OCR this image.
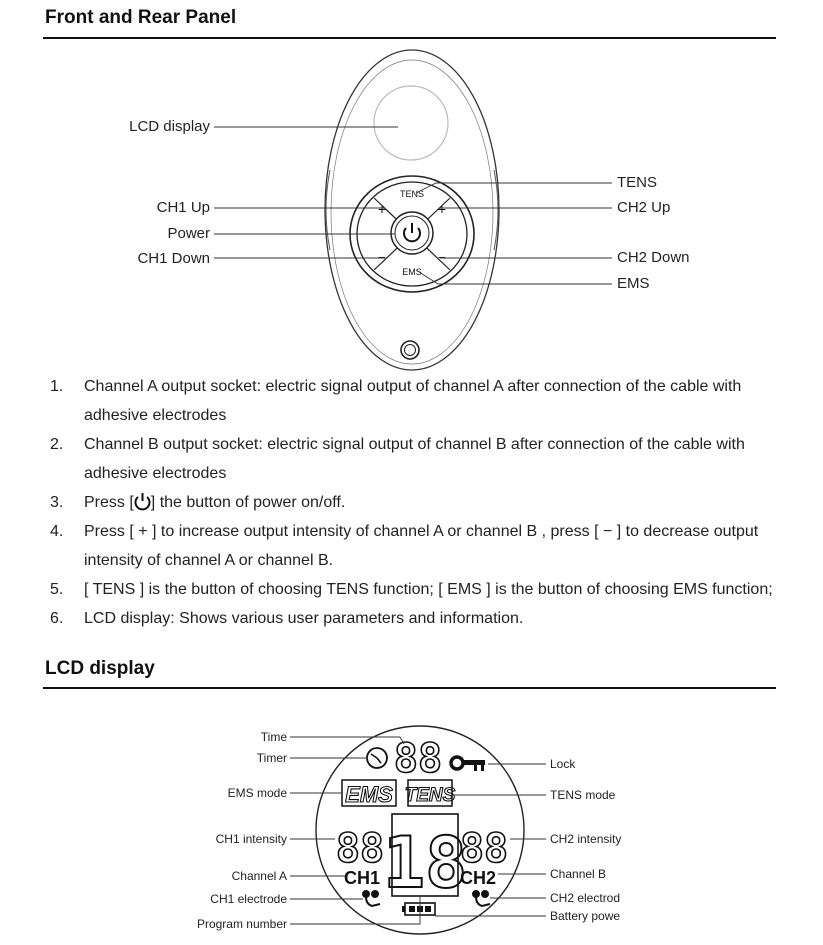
Front and Rear Panel
TENS
EMS
+	+
−	−
LCD display
CH1 Up
Power
CH1 Down
TENS
CH2 Up
CH2 Down
EMS
1. Channel A output socket: electric signal output of channel A after connection of the cable with adhesive electrodes
2. Channel B output socket: electric signal output of channel B after connection of the cable with adhesive electrodes
3. Press [ ] the button of power on/off.
4. Press [ + ] to increase output intensity of channel A or channel B , press [ − ] to decrease output intensity of channel A or channel B.
5. [ TENS ] is the button of choosing TENS function; [ EMS ] is the button of choosing EMS function;
6. LCD display: Shows various user parameters and information.
LCD display
88
EMS TENS
88
18
88
CH1	CH2
Time
Timer
EMS mode
CH1 intensity
Channel A
CH1 electrode
Program number
Lock
TENS mode
CH2 intensity
Channel B
CH2 electrod
Battery powe
